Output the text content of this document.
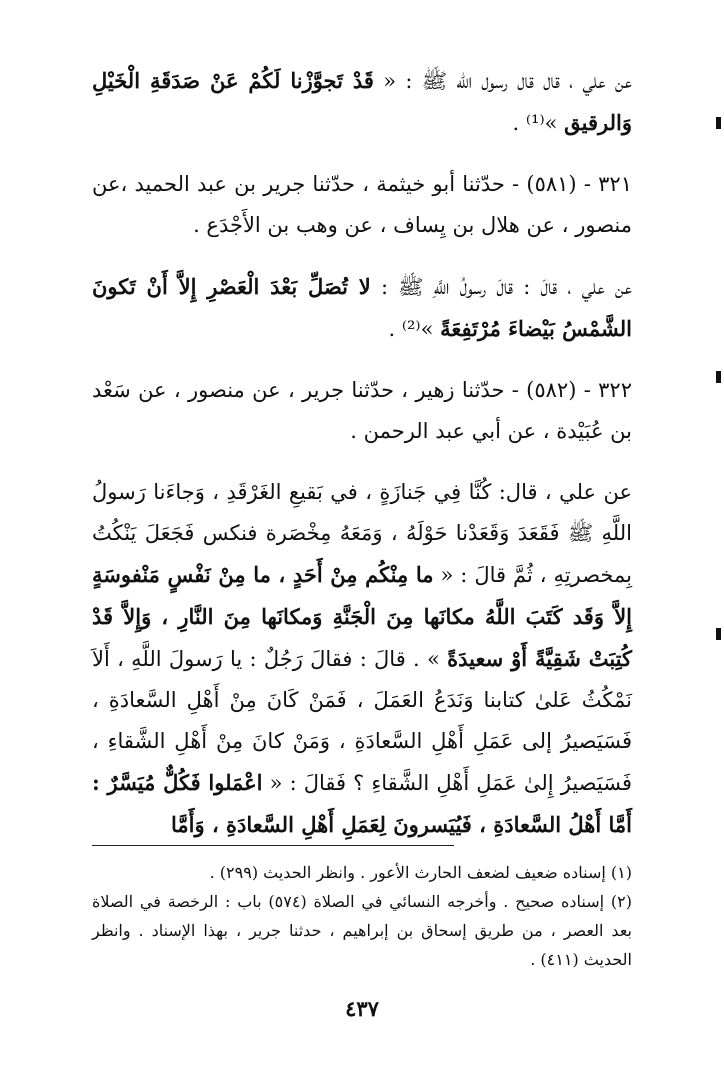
عن علي ، قال قال رسول الله ﷺ : « قَدْ تَجوَّزْنا لَكُمْ عَنْ صَدَقَةِ الْخَيْلِ وَالرقيق »⁽¹⁾ .

٣٢١ - (٥٨١) - حدّثنا أبو خيثمة ، حدّثنا جرير بن عبد الحميد ،عن منصور ، عن هلال بن يِساف ، عن وهب بن الأَجْدَع .

عن علي ، قالَ : قالَ رسولُ اللَّهِ ﷺ : لا تُصَلِّ بَعْدَ الْعَصْرِ إِلاَّ أَنْ تَكونَ الشَّمْسُ بَيْضاءَ مُرْتَفِعَةً »⁽²⁾ .

٣٢٢ - (٥٨٢) - حدّثنا زهير ، حدّثنا جرير ، عن منصور ، عن سَعْد بن عُبَيْدة ، عن أبي عبد الرحمن .

عن علي ، قال: كُنَّا فِي جَنازَةٍ ، في بَقيعِ الغَرْقَدِ ، وَجاءَنا رَسولُ اللَّهِ ﷺ فَقَعَدَ وَقَعَدْنا حَوْلَهُ ، وَمَعَهُ مِخْصَرة فنكس فَجَعَلَ يَنْكُتُ بِمخصرتِهِ ، ثُمَّ قالَ : « ما مِنْكُم مِنْ أَحَدٍ ، ما مِنْ نَفْسٍ مَنْفوسَةٍ إِلاَّ وَقَد كَتَبَ اللَّهُ مكانَها مِنَ الْجَنَّةِ وَمكانَها مِنَ النَّارِ ، وَإِلاَّ قَدْ كُتِبَتْ شَقِيَّةً أَوْ سعيدَةً » . قالَ : فقالَ رَجُلٌ : يا رَسولَ اللَّهِ ، أَلاَ نَمْكُثُ عَلىٰ كتابنا وَنَدَعُ العَمَلَ ، فَمَنْ كَانَ مِنْ أَهْلِ السَّعادَةِ ، فَسَيَصيرُ إلى عَمَلِ أَهْلِ السَّعادَةِ ، وَمَنْ كانَ مِنْ أَهْلِ الشَّقاءِ ، فَسَيَصيرُ إِلىٰ عَمَلِ أَهْلِ الشَّقاءِ ؟ فَقالَ : « اعْمَلوا فَكُلٌّ مُيَسَّرٌ : أَمَّا أَهْلُ السَّعادَةِ ، فَيُيَسرونَ لِعَمَلِ أَهْلِ السَّعادَةِ ، وَأَمَّا

(١) إسناده ضعيف لضعف الحارث الأعور . وانظر الحديث (٢٩٩) .

(٢) إسناده صحيح . وأخرجه النسائي في الصلاة (٥٧٤) باب : الرخصة في الصلاة بعد العصر ، من طريق إسحاق بن إبراهيم ، حدثنا جرير ، بهذا الإسناد . وانظر الحديث (٤١١) .

٤٣٧
